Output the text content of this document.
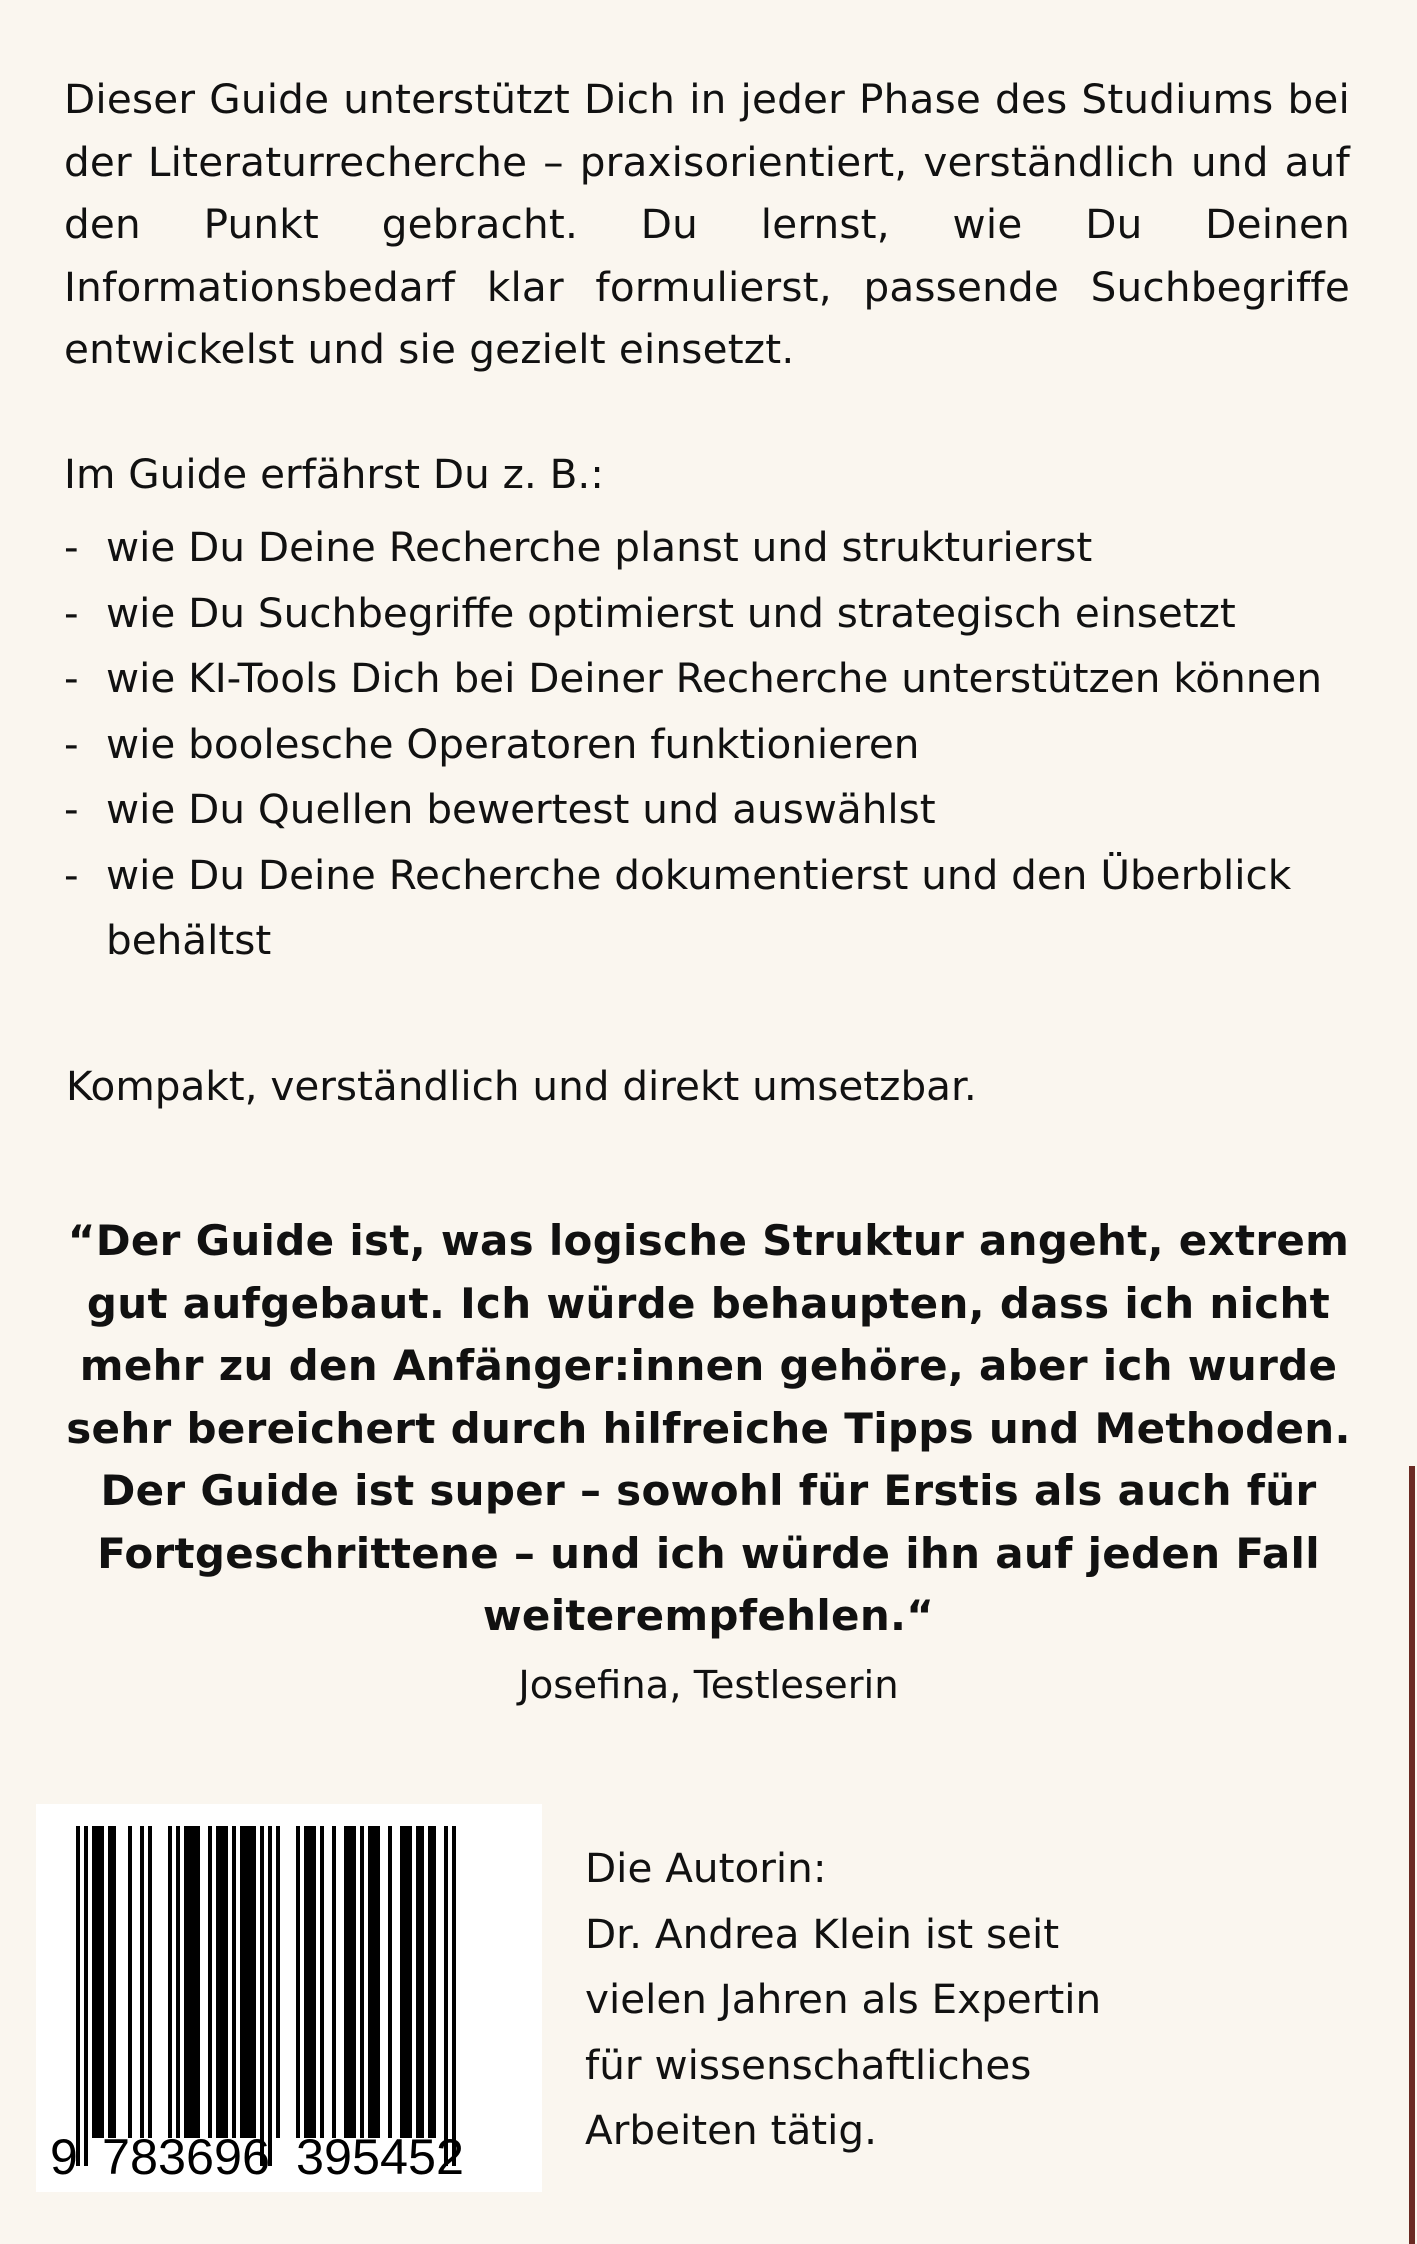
Dieser Guide unterstützt Dich in jeder Phase des Studiums bei der Literaturrecherche – praxisorientiert, verständlich und auf den Punkt gebracht. Du lernst, wie Du Deinen Informationsbedarf klar formulierst, passende Suchbegriffe entwickelst und sie gezielt einsetzt.

Im Guide erfährst Du z. B.:

- wie Du Deine Recherche planst und strukturierst
- wie Du Suchbegriffe optimierst und strategisch einsetzt
- wie KI-Tools Dich bei Deiner Recherche unterstützen können
- wie boolesche Operatoren funktionieren
- wie Du Quellen bewertest und auswählst
- wie Du Deine Recherche dokumentierst und den Überblick behältst

Kompakt, verständlich und direkt umsetzbar.

“Der Guide ist, was logische Struktur angeht, extrem gut aufgebaut. Ich würde behaupten, dass ich nicht mehr zu den Anfänger:innen gehöre, aber ich wurde sehr bereichert durch hilfreiche Tipps und Methoden. Der Guide ist super – sowohl für Erstis als auch für Fortgeschrittene – und ich würde ihn auf jeden Fall weiterempfehlen.“

Josefina, Testleserin

9 783696 395452
Die Autorin:
Dr. Andrea Klein ist seit
vielen Jahren als Expertin
für wissenschaftliches
Arbeiten tätig.
